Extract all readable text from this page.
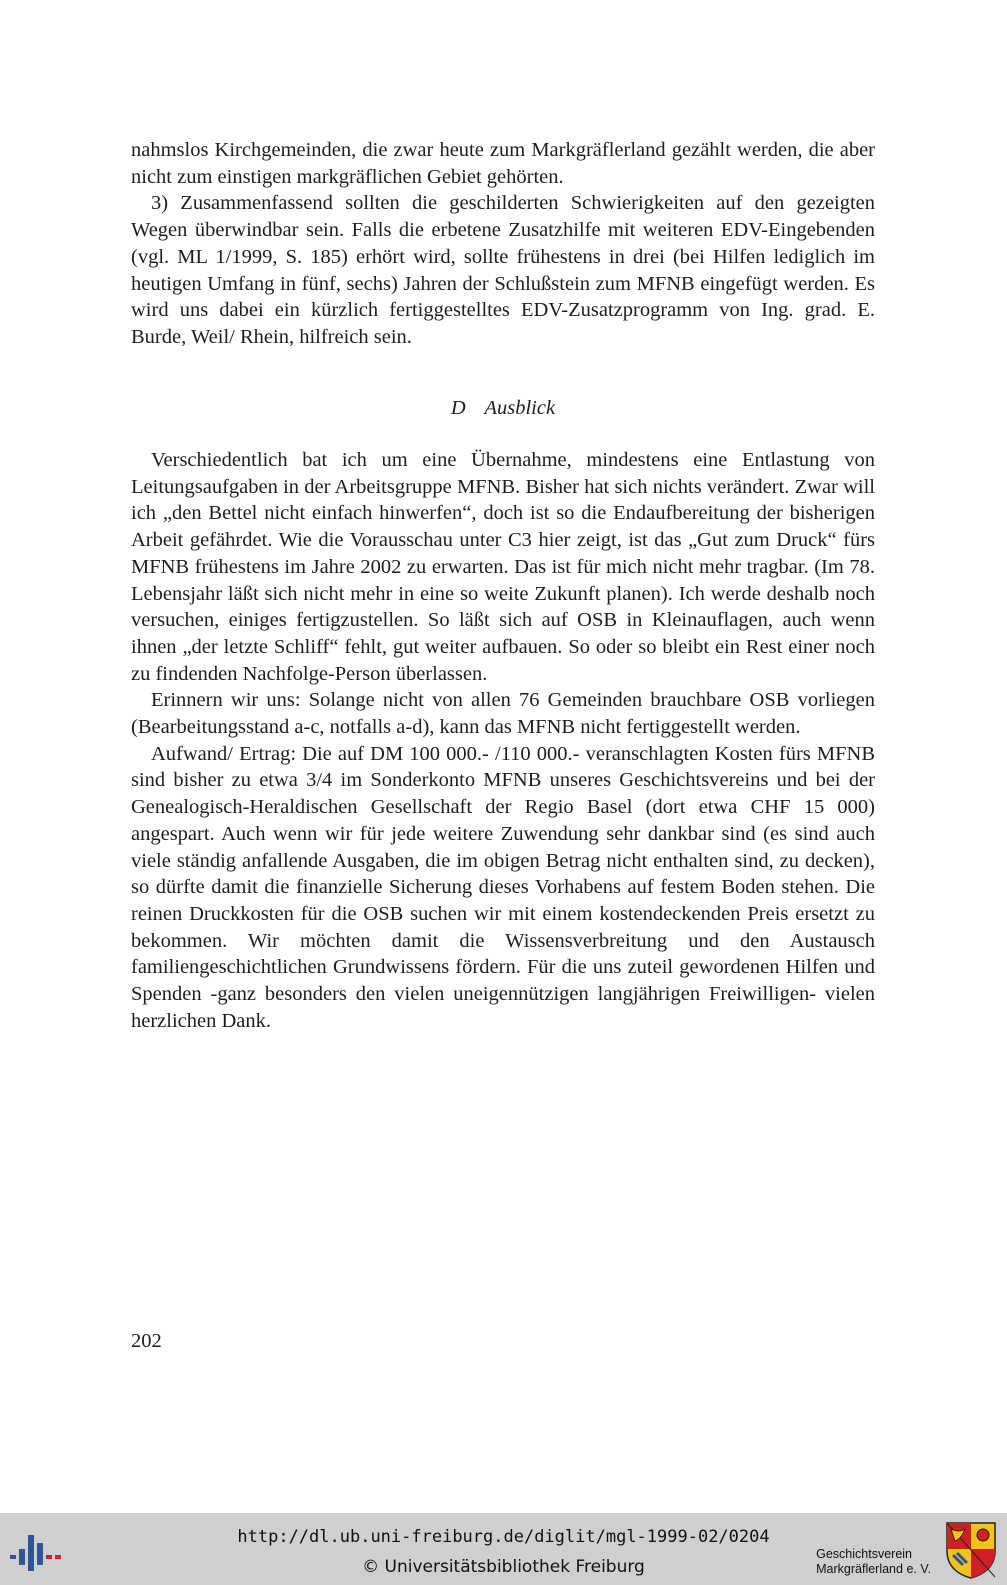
nahmslos Kirchgemeinden, die zwar heute zum Markgräflerland gezählt werden, die aber nicht zum einstigen markgräflichen Gebiet gehörten.

3) Zusammenfassend sollten die geschilderten Schwierigkeiten auf den gezeigten Wegen überwindbar sein. Falls die erbetene Zusatzhilfe mit weiteren EDV-Eingebenden (vgl. ML 1/1999, S. 185) erhört wird, sollte frühestens in drei (bei Hilfen lediglich im heutigen Umfang in fünf, sechs) Jahren der Schlußstein zum MFNB eingefügt werden. Es wird uns dabei ein kürzlich fertiggestelltes EDV-Zusatzprogramm von Ing. grad. E. Burde, Weil/ Rhein, hilfreich sein.

D Ausblick

Verschiedentlich bat ich um eine Übernahme, mindestens eine Entlastung von Leitungsaufgaben in der Arbeitsgruppe MFNB. Bisher hat sich nichts verändert. Zwar will ich „den Bettel nicht einfach hinwerfen“, doch ist so die Endaufbereitung der bisherigen Arbeit gefährdet. Wie die Vorausschau unter C3 hier zeigt, ist das „Gut zum Druck“ fürs MFNB frühestens im Jahre 2002 zu erwarten. Das ist für mich nicht mehr tragbar. (Im 78. Lebensjahr läßt sich nicht mehr in eine so weite Zukunft planen). Ich werde deshalb noch versuchen, einiges fertigzustellen. So läßt sich auf OSB in Kleinauflagen, auch wenn ihnen „der letzte Schliff“ fehlt, gut weiter aufbauen. So oder so bleibt ein Rest einer noch zu findenden Nachfolge-Person überlassen.

Erinnern wir uns: Solange nicht von allen 76 Gemeinden brauchbare OSB vorliegen (Bearbeitungsstand a-c, notfalls a-d), kann das MFNB nicht fertiggestellt werden.

Aufwand/ Ertrag: Die auf DM 100 000.- /110 000.- veranschlagten Kosten fürs MFNB sind bisher zu etwa 3/4 im Sonderkonto MFNB unseres Geschichtsvereins und bei der Genealogisch-Heraldischen Gesellschaft der Regio Basel (dort etwa CHF 15 000) angespart. Auch wenn wir für jede weitere Zuwendung sehr dankbar sind (es sind auch viele ständig anfallende Ausgaben, die im obigen Betrag nicht enthalten sind, zu decken), so dürfte damit die finanzielle Sicherung dieses Vorhabens auf festem Boden stehen. Die reinen Druckkosten für die OSB suchen wir mit einem kostendeckenden Preis ersetzt zu bekommen. Wir möchten damit die Wissensverbreitung und den Austausch familiengeschichtlichen Grundwissens fördern. Für die uns zuteil gewordenen Hilfen und Spenden -ganz besonders den vielen uneigennützigen langjährigen Freiwilligen- vielen herzlichen Dank.

202
http://dl.ub.uni-freiburg.de/diglit/mgl-1999-02/0204
© Universitätsbibliothek Freiburg
Geschichtsverein
Markgräflerland e. V.
